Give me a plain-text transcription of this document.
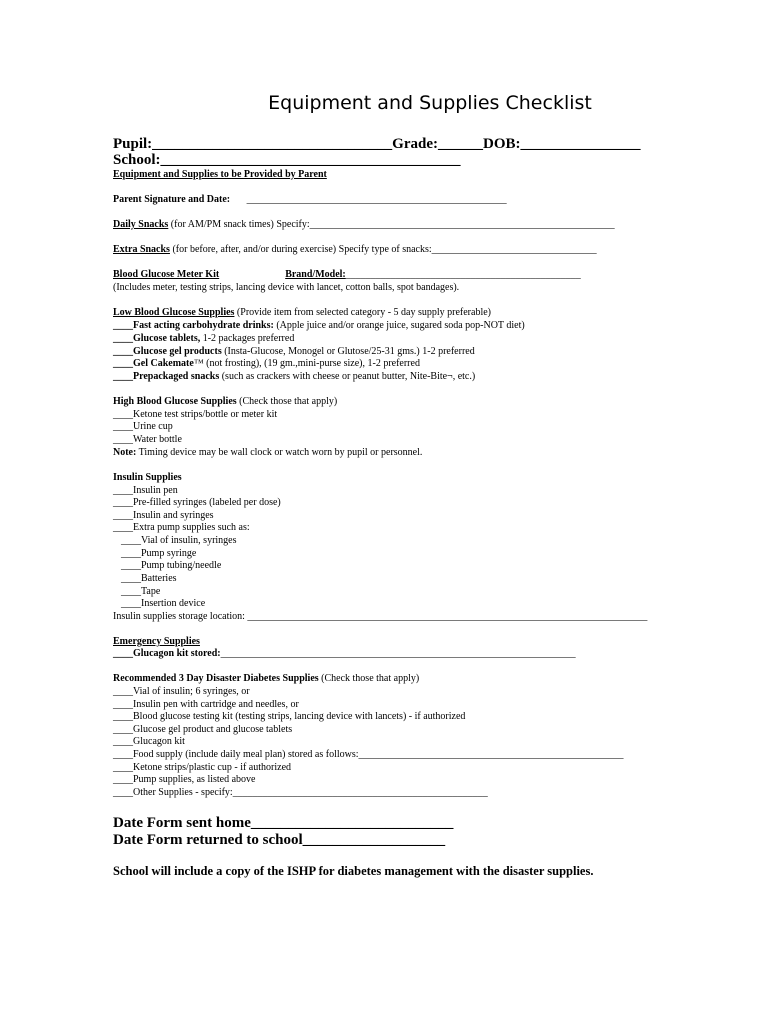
Equipment and Supplies Checklist
Pupil:________________________________Grade:______DOB:________________
School:________________________________________
Equipment and Supplies to be Provided by Parent
Parent Signature and Date: ____________________________________________________
Daily Snacks (for AM/PM snack times) Specify:_____________________________________________________________
Extra Snacks (for before, after, and/or during exercise) Specify type of snacks:_________________________________
Blood Glucose Meter Kit	Brand/Model:_______________________________________________
(Includes meter, testing strips, lancing device with lancet, cotton balls, spot bandages).
Low Blood Glucose Supplies (Provide item from selected category - 5 day supply preferable)
____Fast acting carbohydrate drinks: (Apple juice and/or orange juice, sugared soda pop-NOT diet)
____Glucose tablets, 1-2 packages preferred
____Glucose gel products (Insta-Glucose, Monogel or Glutose/25-31 gms.) 1-2 preferred
____Gel Cakemate™ (not frosting), (19 gm.,mini-purse size), 1-2 preferred
____Prepackaged snacks (such as crackers with cheese or peanut butter, Nite-Bite¬, etc.)
High Blood Glucose Supplies (Check those that apply)
____Ketone test strips/bottle or meter kit
____Urine cup
____Water bottle
Note: Timing device may be wall clock or watch worn by pupil or personnel.
Insulin Supplies
____Insulin pen
____Pre-filled syringes (labeled per dose)
____Insulin and syringes
____Extra pump supplies such as:
____Vial of insulin, syringes
____Pump syringe
____Pump tubing/needle
____Batteries
____Tape
____Insertion device
Insulin supplies storage location: ________________________________________________________________________________
Emergency Supplies
____Glucagon kit stored:_______________________________________________________________________
Recommended 3 Day Disaster Diabetes Supplies (Check those that apply)
____Vial of insulin; 6 syringes, or
____Insulin pen with cartridge and needles, or
____Blood glucose testing kit (testing strips, lancing device with lancets) - if authorized
____Glucose gel product and glucose tablets
____Glucagon kit
____Food supply (include daily meal plan) stored as follows:_____________________________________________________
____Ketone strips/plastic cup - if authorized
____Pump supplies, as listed above
____Other Supplies - specify:___________________________________________________
Date Form sent home___________________________
Date Form returned to school___________________
School will include a copy of the ISHP for diabetes management with the disaster supplies.
